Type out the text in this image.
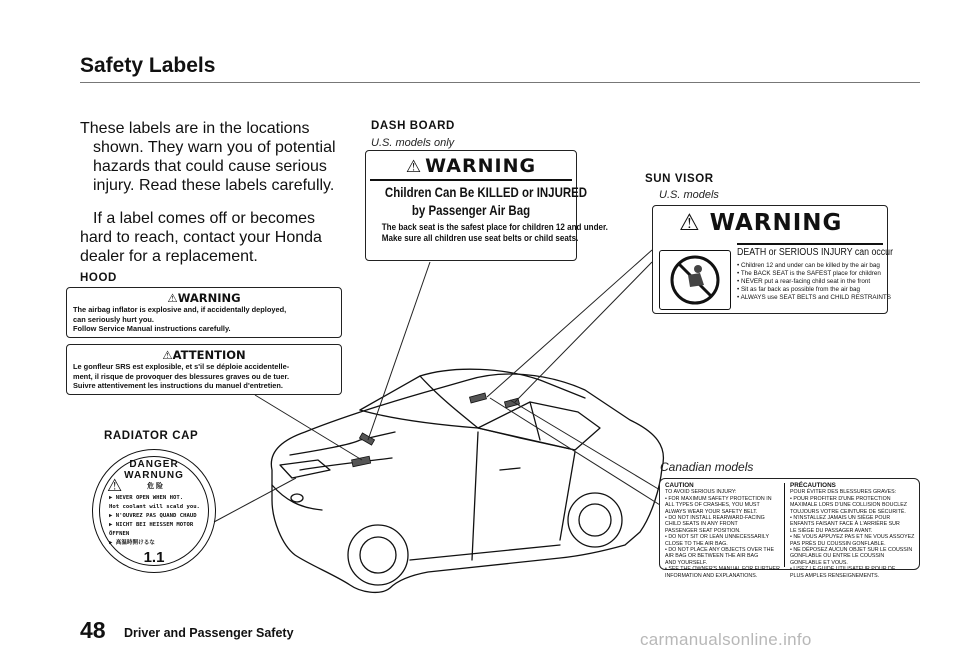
Safety Labels

These labels are in the locations shown. They warn you of potential hazards that could cause serious injury. Read these labels carefully.

If a label comes off or becomes hard to reach, contact your Honda dealer for a replacement.

DASH BOARD
U.S. models only
⚠ WARNING
Children Can Be KILLED or INJURED
by Passenger Air Bag
The back seat is the safest place for children 12 and under.
Make sure all children use seat belts or child seats.
SUN VISOR
U.S. models
⚠ WARNING
DEATH or SERIOUS INJURY can occur
• Children 12 and under can be killed by the air bag
• The BACK SEAT is the SAFEST place for children
• NEVER put a rear-facing child seat in the front
• Sit as far back as possible from the air bag
• ALWAYS use SEAT BELTS and CHILD RESTRAINTS
HOOD
⚠WARNING
The airbag inflator is explosive and, if accidentally deployed,
can seriously hurt you.
Follow Service Manual instructions carefully.
⚠ATTENTION
Le gonfleur SRS est explosible, et s'il se déploie accidentelle-
ment, il risque de provoquer des blessures graves ou de tuer.
Suivre attentivement les instructions du manuel d'entretien.
RADIATOR CAP
DANGER
WARNUNG
⚠	危 险
▶ NEVER OPEN WHEN HOT.
Hot coolant will scald you.
▶ N'OUVREZ PAS QUAND CHAUD
▶ NICHT BEI HEISSEM MOTOR
ÖFFNEN
▶ 高温時開けるな
1.1
Canadian models
CAUTION
TO AVOID SERIOUS INJURY:
• FOR MAXIMUM SAFETY PROTECTION IN
ALL TYPES OF CRASHES, YOU MUST
ALWAYS WEAR YOUR SAFETY BELT.
• DO NOT INSTALL REARWARD-FACING
CHILD SEATS IN ANY FRONT
PASSENGER SEAT POSITION.
• DO NOT SIT OR LEAN UNNECESSARILY
CLOSE TO THE AIR BAG.
• DO NOT PLACE ANY OBJECTS OVER THE
AIR BAG OR BETWEEN THE AIR BAG
AND YOURSELF.
• SEE THE OWNER'S MANUAL FOR FURTHER
INFORMATION AND EXPLANATIONS.
PRÉCAUTIONS
POUR ÉVITER DES BLESSURES GRAVES:
• POUR PROFITER D'UNE PROTECTION
MAXIMALE LORS D'UNE COLLISION BOUCLEZ
TOUJOURS VOTRE CEINTURE DE SÉCURITÉ.
• N'INSTALLEZ JAMAIS UN SIÈGE POUR
ENFANTS FAISANT FACE À L'ARRIÈRE SUR
LE SIÈGE DU PASSAGER AVANT.
• NE VOUS APPUYEZ PAS ET NE VOUS ASSOYEZ
PAS PRÈS DU COUSSIN GONFLABLE.
• NE DÉPOSEZ AUCUN OBJET SUR LE COUSSIN
GONFLABLE OU ENTRE LE COUSSIN
GONFLABLE ET VOUS.
• LISEZ LE GUIDE UTILISATEUR POUR DE
PLUS AMPLES RENSEIGNEMENTS.
48 Driver and Passenger Safety	carmanualsonline.info
